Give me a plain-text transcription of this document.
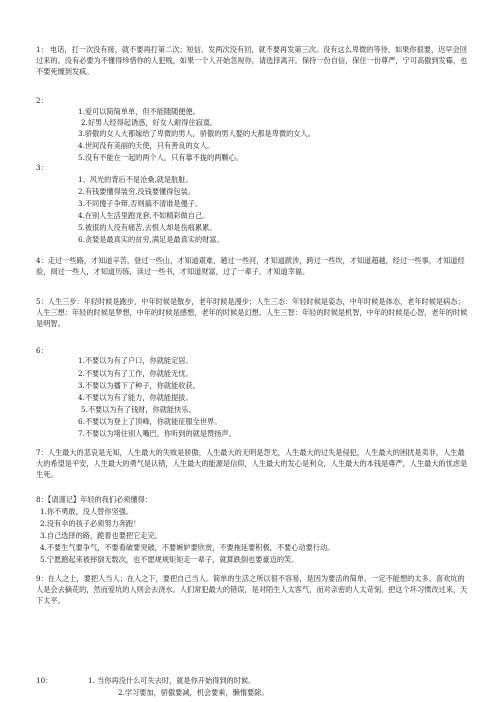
1： 电话，打一次没有接，就不要再打第二次；短信，发两次没有回，就不要再发第三次。没有这么卑微的等待，如果你很要，迟早会回过来的。没有必要为不懂得珍惜你的人犯贱，如果一个人开始忽视你，请选择离开。保持一份自信，保住一份尊严，宁可高傲到发霉，也不要死缠到发疯。

2：

1.爱可以简简单单，但不能随随便便。

2.好男人经得起诱惑，好女人耐得住寂寞。

3.骄傲的女人大都嫁给了卑微的男人，骄傲的男人娶的大都是卑微的女人。

4.世间没有美丽的天使，只有善良的女人。

5.没有不能在一起的两个人，只有靠不拢的两颗心。

3：

1、风光的背后不是沧桑,就是肮脏。

2.有钱要懂得装穷,没钱要懂得包装。

3.不同傻子争辩,否则搞不清谁是傻子。

4.在别人生活里跑龙套,不如精彩做自己。

5.被很的人没有痛苦,去恨人却是伤痕累累。

6.贪婪是最真实的贫穷,满足是最真实的财富。

4：走过一些路，才知道辛苦，登过一些山，才知道艰难，趟过一些河，才知道跋涉，跨过一些坎，才知道超越，经过一些事，才知道经验，阅过一些人，才知道历练，读过一些书，才知道财富，过了一辈子，才知道幸福。

5：人生三步：年轻时候是跑步，中年时候是散步，老年时候是漫步；人生三态：年轻时候是姿态，中年时候是体态，老年时候是病态；人生三想：年轻的时候是梦想，中年的时候是感想，老年的时候是幻想。人生三智：年轻的时候是机智，中年的时候是心智，老年的时候是明智。

6：

1.不要以为有了户口，你就能定居。

2.不要以为有了工作，你就能无忧。

3.不要以为播下了种子，你就能收获。

4.不要以为有了能力，你就能提拔。

5.不要以为有了钱财，你就能快乐。

6.不要以为登上了顶峰，你就能征服全世界。

7.不要以为堵住别人嘴巴，你听到的就是赞扬声。

7：人生最大的悲哀是无知，人生最大的失败是骄傲，人生最大的无明是怨尤，人生最大的过失是侵犯，人生最大的困扰是卖非，人生最大的希望是平安，人生最大的勇气是认错，人生最大的能源是信仰，人生最大的发心是利众，人生最大的本钱是尊严，人生最大的忧虑是生死。

8：【请谨记】年轻的我们必须懂得：

1.你不勇敢，没人替你坚强。

2.没有伞的孩子必须努力奔跑！

3.自己选择的路，跪着也要把它走完。

4.不要生气要争气，不要看破要突破，不要嫉妒要欣赏，不要拖延要积极，不要心动要行动。

5.宁愿跑起来被摔倒无数次，也不愿规规矩矩走一辈子，就算跌倒也要豪迈的笑。

9：在人之上，要把人当人；在人之下，要把自己当人。简单的生活之所以很不容易，是因为要活的简单，一定不能想的太多。喜欢坑的人是会去摘花的，然而爱坑的人则会去浇水。人们常犯最大的错误，是对陌生人太客气，而对亲密的人太苛刻，把这个坏习惯改过来，天下太平。

10：	1. 当你再没什么可失去时，就是你开始得到的时候。

2.学习要加，骄傲要减，机会要乘，懒惰要除。
